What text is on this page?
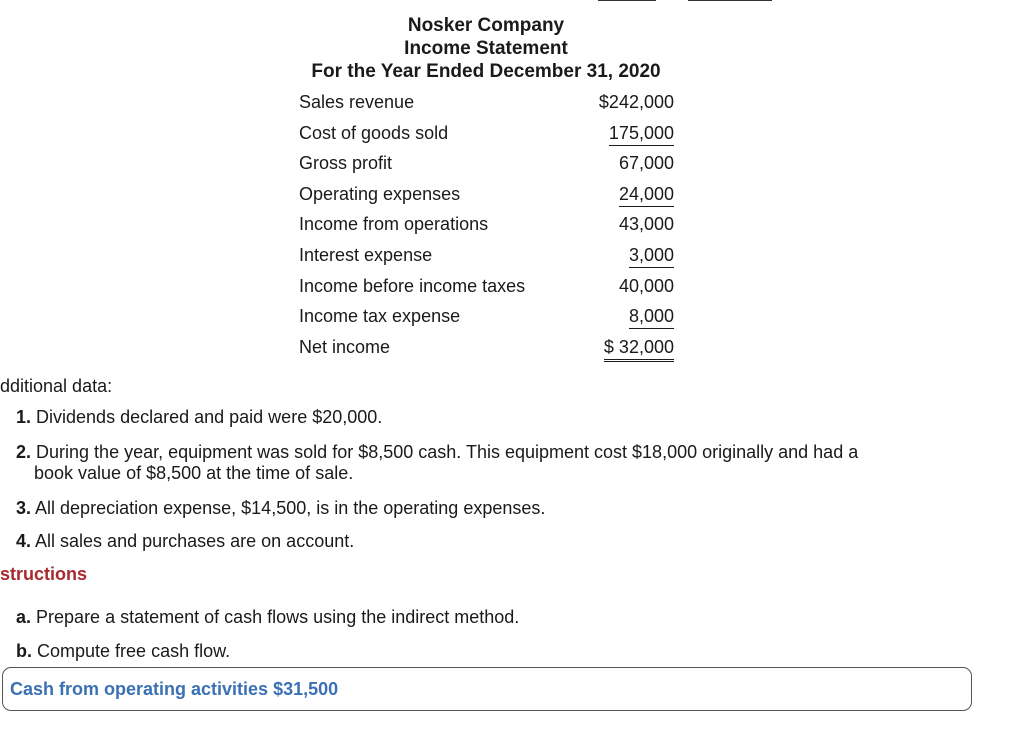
Nosker Company
Income Statement
For the Year Ended December 31, 2020
Sales revenue	$242,000
Cost of goods sold	175,000
Gross profit	67,000
Operating expenses	24,000
Income from operations	43,000
Interest expense	3,000
Income before income taxes	40,000
Income tax expense	8,000
Net income	$ 32,000
dditional data:
1. Dividends declared and paid were $20,000.
2. During the year, equipment was sold for $8,500 cash. This equipment cost $18,000 originally and had a
book value of $8,500 at the time of sale.
3. All depreciation expense, $14,500, is in the operating expenses.
4. All sales and purchases are on account.
structions
a. Prepare a statement of cash flows using the indirect method.
b. Compute free cash flow.
Cash from operating activities $31,500
